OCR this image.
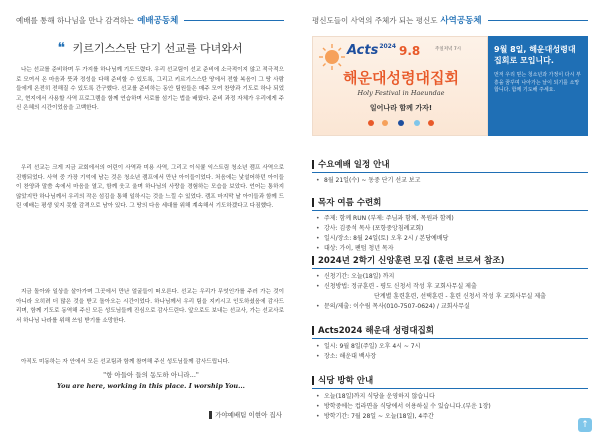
예배를 통해 하나님을 만나 감격하는 예배공동체
❝ 키르기스스탄 단기 선교를 다녀와서

나는 선교를 준비하며 두 가지를 하나님께 기도드렸다. 우리 선교팀이 선교 준비에 소극적이지 않고 적극적으로 모여서 온 마음과 뜻과 정성을 다해 준비할 수 있도록, 그리고 키르기스스탄 땅에서 전할 복음이 그 땅 사람들에게 온전히 전해질 수 있도록 간구했다. 선교를 준비하는 동안 팀원들은 매주 모여 찬양과 기도로 하나 되었고, 현지에서 사용할 사역 프로그램을 함께 연습하며 서로를 섬기는 법을 배웠다. 준비 과정 자체가 우리에게 주신 은혜의 시간이었음을 고백한다.

우리 선교는 크게 지금 교회에서의 어린이 사역과 미용 사역, 그리고 이식쿨 익스트림 청소년 캠프 사역으로 진행되었다. 사역 중 가장 기억에 남는 것은 청소년 캠프에서 만난 아이들이었다. 처음에는 낯설어하던 아이들이 찬양과 말씀 속에서 마음을 열고, 함께 웃고 울며 하나님의 사랑을 경험하는 모습을 보았다. 언어는 통하지 않았지만 하나님께서 우리의 작은 섬김을 통해 일하시는 것을 느낄 수 있었다. 캠프 마지막 날 아이들과 함께 드린 예배는 평생 잊지 못할 감격으로 남아 있다. 그 땅의 다음 세대를 위해 계속해서 기도하겠다고 다짐했다.

지금 돌아와 일상을 살아가며 그곳에서 만난 얼굴들이 떠오른다. 선교는 우리가 무엇인가를 주러 가는 것이 아니라 오히려 더 많은 것을 받고 돌아오는 시간이었다. 하나님께서 우리 팀을 지키시고 인도하셨음에 감사드리며, 함께 기도로 동역해 주신 모든 성도님들께 진심으로 감사드린다. 앞으로도 보내는 선교사, 가는 선교사로서 하나님 나라를 위해 쓰임 받기를 소망한다.

아직도 미동하는 자 안에서 모든 선교팀과 함께 참여해 주신 성도님들께 감사드립니다.

"항 아들아 들의 동도하 아니라..."
You are here, working in this place. I worship You...
가야예배팀 이현아 집사
평신도들이 사역의 주체가 되는 평신도 사역공동체
Acts$^{2024}$ 9.8	주일저녁 7시
해운대성령대집회
Holy Festival in Haeundae
일어나라 함께 가자!
9월 8일, 해운대성령대집회로 모입니다.
먼저 우리 믿는 청소년과 가정이 다시 부흥을 꿈꾸며 나아가는 날이 되기를 소망합니다. 함께 기도해 주세요.
수요예배 일정 안내
• 8월 21일(수) ~ 동중 단기 선교 보고
목자 여름 수련회
• 주제: 함께 RUN (부제: 주님과 함께, 목원과 함께)
• 강사: 김중석 목사 (포항중앙침례교회)
• 일시/장소: 8월 24일(토) 오후 2시 / 본당예배당
• 대상: 가이, 팬텀 청년 목자
2024년 2학기 신앙훈련 모집 (훈련 브로셔 참조)
• 신청기간: 오늘(18일) 까지
• 신청방법: 정규훈련 - 평도 신청서 작성 후 교회사무실 제출
단계별 훈련훈련, 선택훈련 - 훈련 신청서 작성 후 교회사무실 제출
• 문의/제출: 이수림 목사(010-7507-0624) / 교회사무실
Acts2024 해운대 성령대집회
• 일시: 9월 8일(주일) 오후 4시 ~ 7시
• 장소: 해운대 백사장
식당 방학 안내
• 오늘(18일)까지 식당을 운영하지 않습니다
• 방학중에는 컵라면을 식당에서 이용하실 수 있습니다.(부운 1장)
• 방학기간: 7월 28일 ~ 오늘(18일), 4주간
↑
